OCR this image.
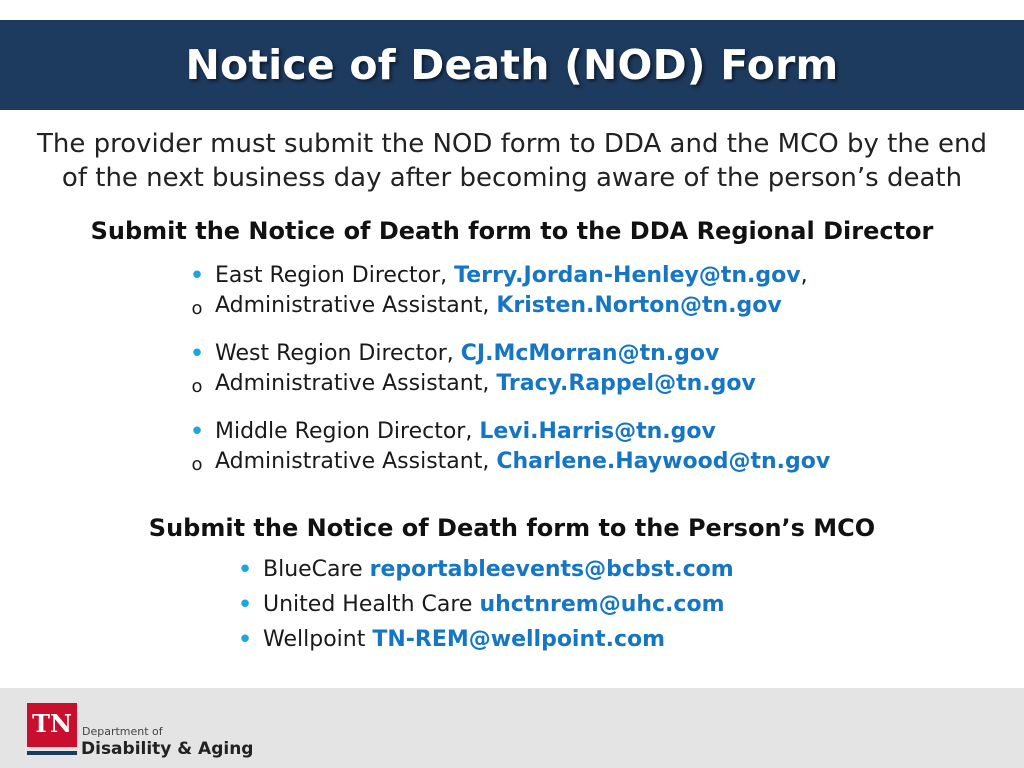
Notice of Death (NOD) Form
The provider must submit the NOD form to DDA and the MCO by the end
of the next business day after becoming aware of the person’s death
Submit the Notice of Death form to the DDA Regional Director
• East Region Director, Terry.Jordan-Henley@tn.gov,
o Administrative Assistant, Kristen.Norton@tn.gov
• West Region Director, CJ.McMorran@tn.gov
o Administrative Assistant, Tracy.Rappel@tn.gov
• Middle Region Director, Levi.Harris@tn.gov
o Administrative Assistant, Charlene.Haywood@tn.gov
Submit the Notice of Death form to the Person’s MCO
• BlueCare reportableevents@bcbst.com
• United Health Care uhctnrem@uhc.com
• Wellpoint TN-REM@wellpoint.com
TN Department of
Disability & Aging
